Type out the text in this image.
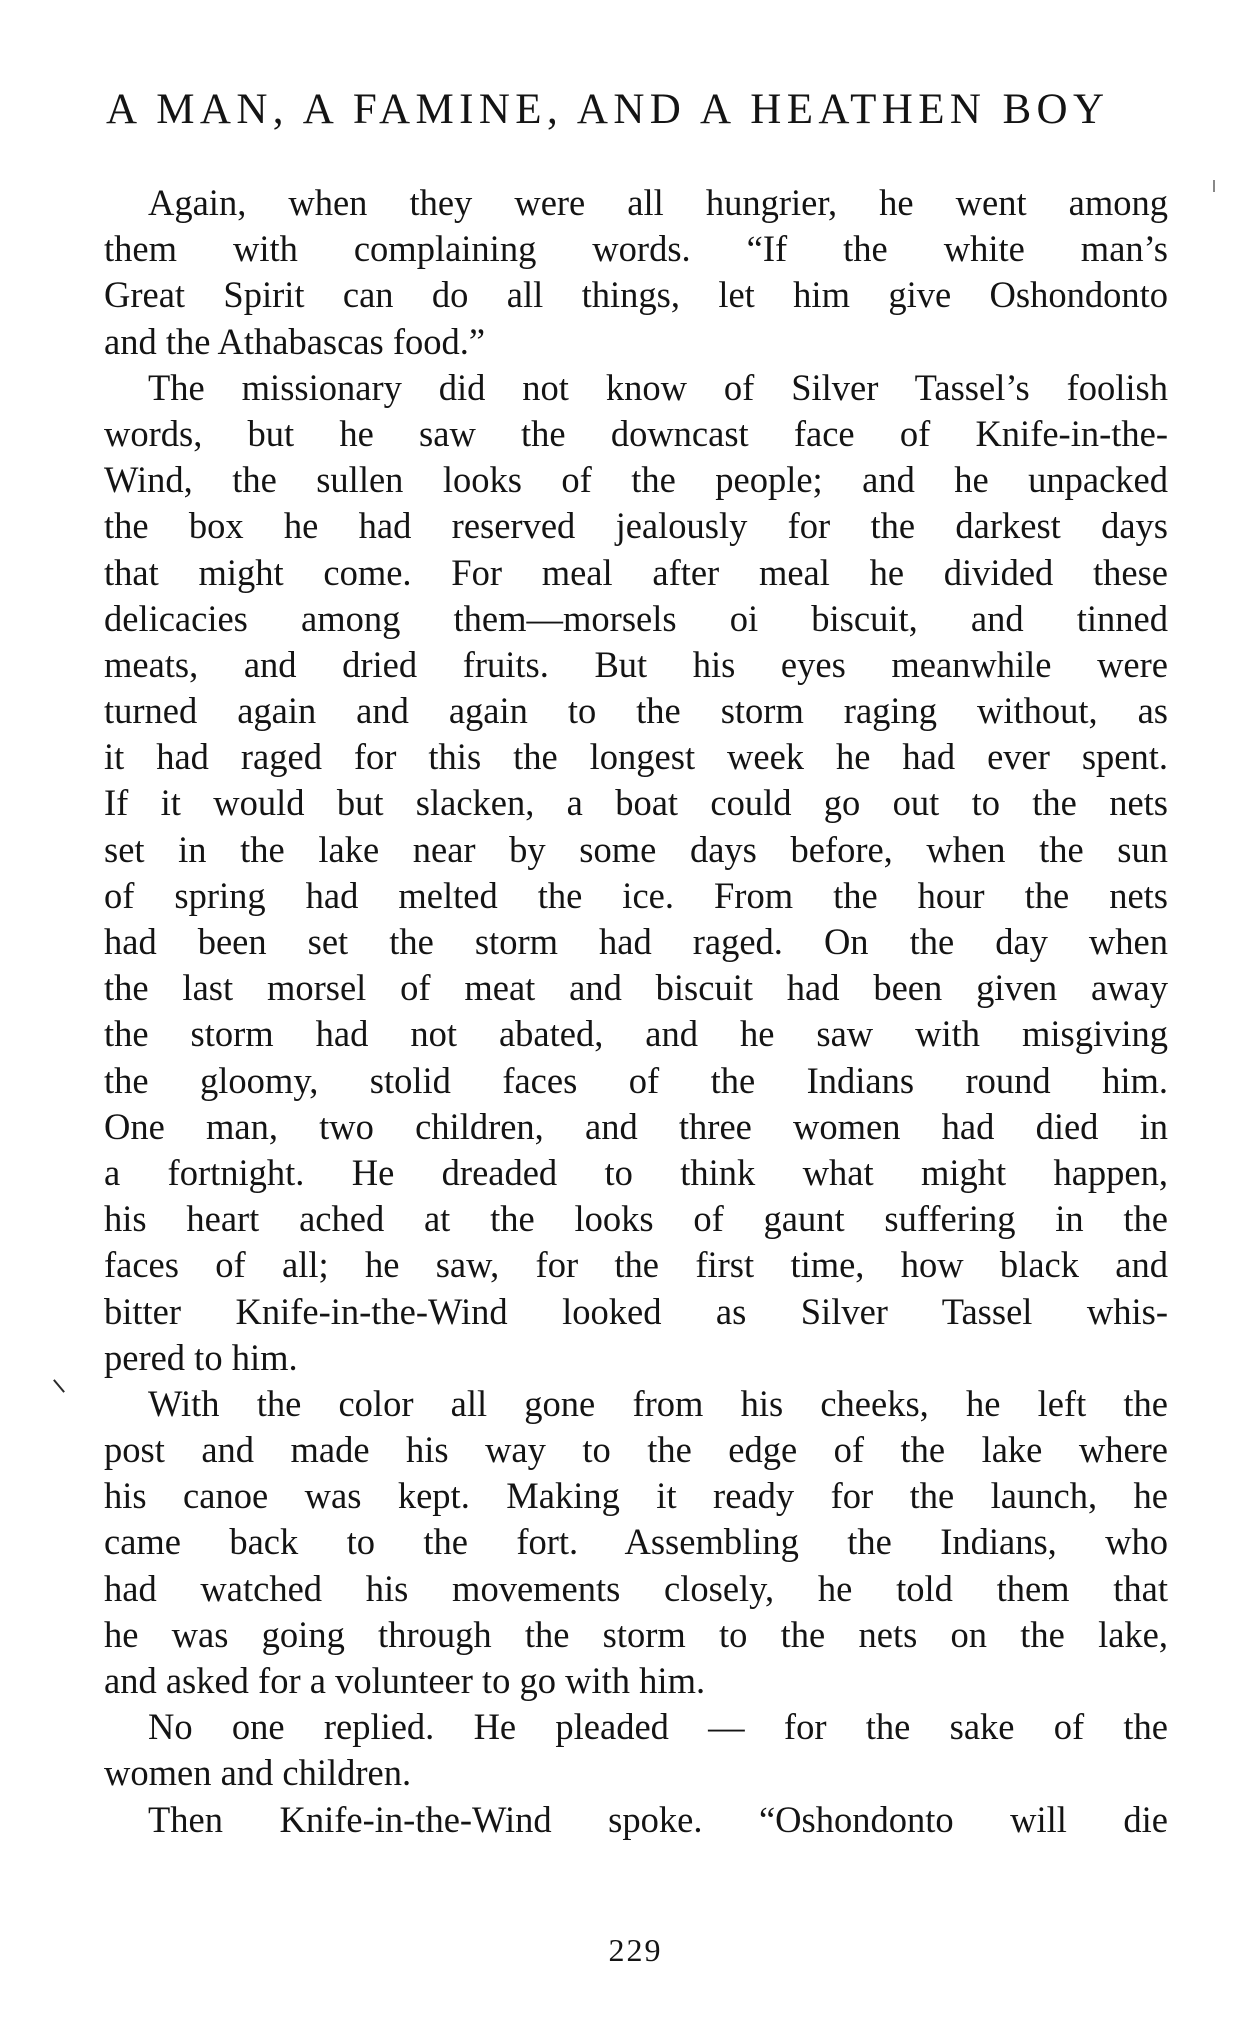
A MAN, A FAMINE, AND A HEATHEN BOY
Again, when they were all hungrier, he went among
them with complaining words. “If the white man’s
Great Spirit can do all things, let him give Oshondonto
and the Athabascas food.”
The missionary did not know of Silver Tassel’s foolish
words, but he saw the downcast face of Knife-in-the-
Wind, the sullen looks of the people; and he unpacked
the box he had reserved jealously for the darkest days
that might come. For meal after meal he divided these
delicacies among them—morsels oi biscuit, and tinned
meats, and dried fruits. But his eyes meanwhile were
turned again and again to the storm raging without, as
it had raged for this the longest week he had ever spent.
If it would but slacken, a boat could go out to the nets
set in the lake near by some days before, when the sun
of spring had melted the ice. From the hour the nets
had been set the storm had raged. On the day when
the last morsel of meat and biscuit had been given away
the storm had not abated, and he saw with misgiving
the gloomy, stolid faces of the Indians round him.
One man, two children, and three women had died in
a fortnight. He dreaded to think what might happen,
his heart ached at the looks of gaunt suffering in the
faces of all; he saw, for the first time, how black and
bitter Knife-in-the-Wind looked as Silver Tassel whis-
pered to him.
With the color all gone from his cheeks, he left the
post and made his way to the edge of the lake where
his canoe was kept. Making it ready for the launch, he
came back to the fort. Assembling the Indians, who
had watched his movements closely, he told them that
he was going through the storm to the nets on the lake,
and asked for a volunteer to go with him.
No one replied. He pleaded — for the sake of the
women and children.
Then Knife-in-the-Wind spoke. “Oshondonto will die
229
